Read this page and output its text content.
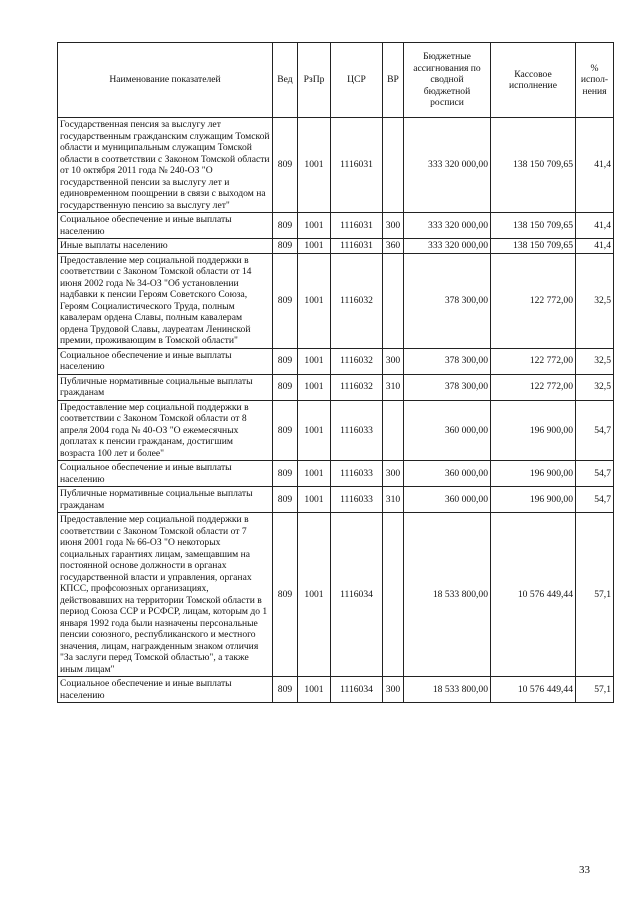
Наименование показателей	Вед	РзПр	ЦСР	ВР	Бюджетные ассигнования по сводной бюджетной росписи	Кассовое исполнение	% испол-нения
Государственная пенсия за выслугу лет государственным гражданским служащим Томской области и муниципальным служащим Томской области в соответствии с Законом Томской области от 10 октября 2011 года № 240-ОЗ "О государственной пенсии за выслугу лет и единовременном поощрении в связи с выходом на государственную пенсию за выслугу лет"	809	1001	1116031		333 320 000,00	138 150 709,65	41,4
Социальное обеспечение и иные выплаты населению	809	1001	1116031	300	333 320 000,00	138 150 709,65	41,4
Иные выплаты населению	809	1001	1116031	360	333 320 000,00	138 150 709,65	41,4
Предоставление мер социальной поддержки в соответствии с Законом Томской области от 14 июня 2002 года № 34-ОЗ "Об установлении надбавки к пенсии Героям Советского Союза, Героям Социалистического Труда, полным кавалерам ордена Славы, полным кавалерам ордена Трудовой Славы, лауреатам Ленинской премии, проживающим в Томской области"	809	1001	1116032		378 300,00	122 772,00	32,5
Социальное обеспечение и иные выплаты населению	809	1001	1116032	300	378 300,00	122 772,00	32,5
Публичные нормативные социальные выплаты гражданам	809	1001	1116032	310	378 300,00	122 772,00	32,5
Предоставление мер социальной поддержки в соответствии с Законом Томской области от 8 апреля 2004 года № 40-ОЗ "О ежемесячных доплатах к пенсии гражданам, достигшим возраста 100 лет и более"	809	1001	1116033		360 000,00	196 900,00	54,7
Социальное обеспечение и иные выплаты населению	809	1001	1116033	300	360 000,00	196 900,00	54,7
Публичные нормативные социальные выплаты гражданам	809	1001	1116033	310	360 000,00	196 900,00	54,7
Предоставление мер социальной поддержки в соответствии с Законом Томской области от 7 июня 2001 года № 66-ОЗ "О некоторых социальных гарантиях лицам, замещавшим на постоянной основе должности в органах государственной власти и управления, органах КПСС, профсоюзных организациях, действовавших на территории Томской области в период Союза ССР и РСФСР, лицам, которым до 1 января 1992 года были назначены персональные пенсии союзного, республиканского и местного значения, лицам, награжденным знаком отличия "За заслуги перед Томской областью", а также иным лицам"	809	1001	1116034		18 533 800,00	10 576 449,44	57,1
Социальное обеспечение и иные выплаты населению	809	1001	1116034	300	18 533 800,00	10 576 449,44	57,1
33
